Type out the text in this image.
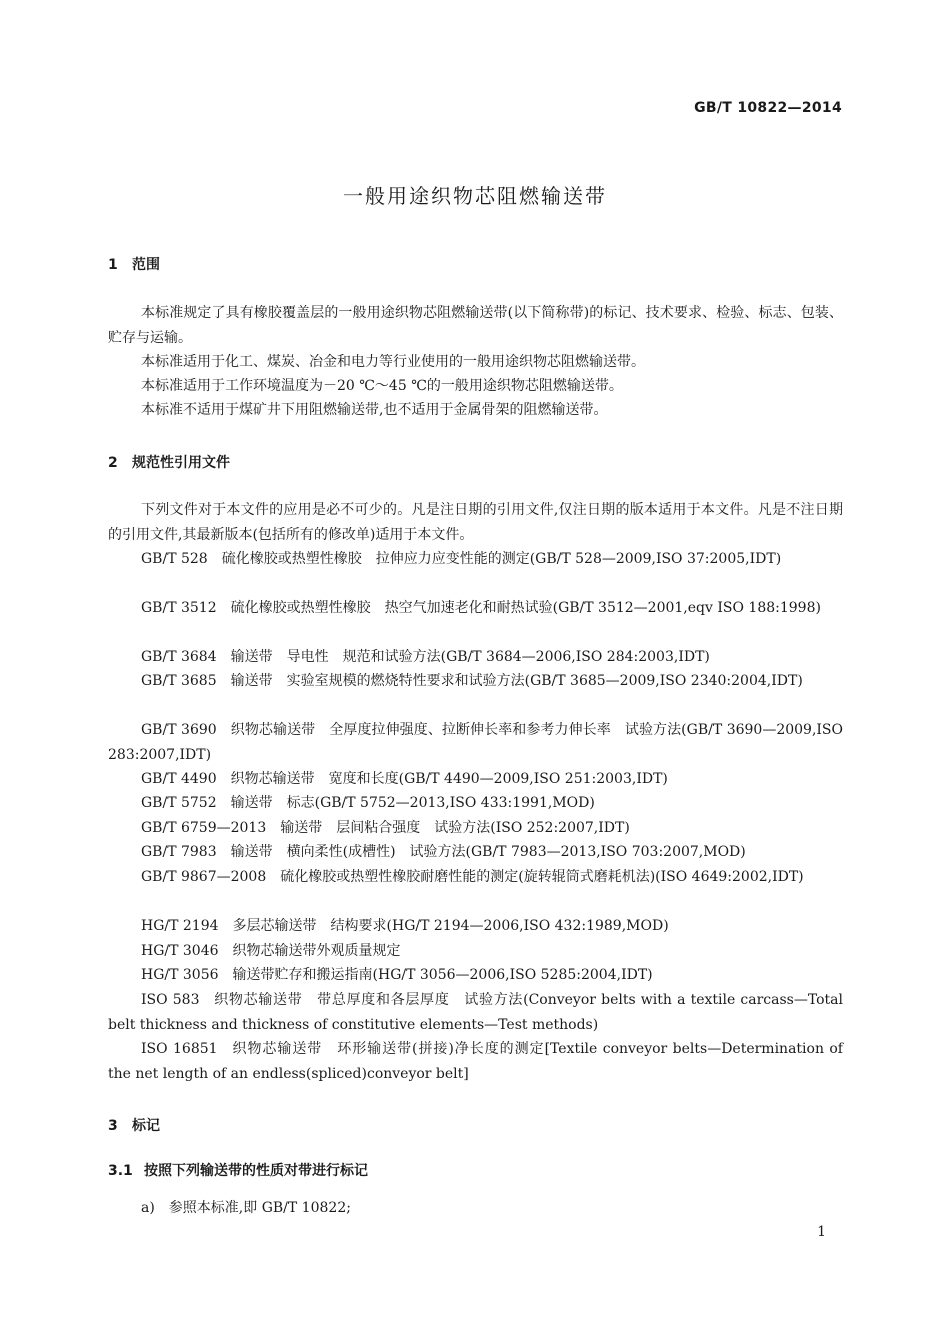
GB/T 10822—2014
一般用途织物芯阻燃输送带
1 范围
本标准规定了具有橡胶覆盖层的一般用途织物芯阻燃输送带(以下简称带)的标记、技术要求、检验、标志、包装、贮存与运输。
本标准适用于化工、煤炭、冶金和电力等行业使用的一般用途织物芯阻燃输送带。
本标准适用于工作环境温度为－20 ℃～45 ℃的一般用途织物芯阻燃输送带。
本标准不适用于煤矿井下用阻燃输送带,也不适用于金属骨架的阻燃输送带。
2 规范性引用文件
下列文件对于本文件的应用是必不可少的。凡是注日期的引用文件,仅注日期的版本适用于本文件。凡是不注日期的引用文件,其最新版本(包括所有的修改单)适用于本文件。
GB/T 528 硫化橡胶或热塑性橡胶　拉伸应力应变性能的测定(GB/T 528—2009,ISO 37:2005,IDT)
GB/T 3512 硫化橡胶或热塑性橡胶　热空气加速老化和耐热试验(GB/T 3512—2001,eqv ISO 188:1998)
GB/T 3684 输送带　导电性　规范和试验方法(GB/T 3684—2006,ISO 284:2003,IDT)
GB/T 3685 输送带　实验室规模的燃烧特性要求和试验方法(GB/T 3685—2009,ISO 2340:2004,IDT)
GB/T 3690 织物芯输送带　全厚度拉伸强度、拉断伸长率和参考力伸长率　试验方法(GB/T 3690—2009,ISO 283:2007,IDT)
GB/T 4490 织物芯输送带　宽度和长度(GB/T 4490—2009,ISO 251:2003,IDT)
GB/T 5752 输送带　标志(GB/T 5752—2013,ISO 433:1991,MOD)
GB/T 6759—2013 输送带　层间粘合强度　试验方法(ISO 252:2007,IDT)
GB/T 7983 输送带　横向柔性(成槽性)　试验方法(GB/T 7983—2013,ISO 703:2007,MOD)
GB/T 9867—2008 硫化橡胶或热塑性橡胶耐磨性能的测定(旋转辊筒式磨耗机法)(ISO 4649:2002,IDT)
HG/T 2194 多层芯输送带　结构要求(HG/T 2194—2006,ISO 432:1989,MOD)
HG/T 3046 织物芯输送带外观质量规定
HG/T 3056 输送带贮存和搬运指南(HG/T 3056—2006,ISO 5285:2004,IDT)
ISO 583 织物芯输送带　带总厚度和各层厚度　试验方法(Conveyor belts with a textile carcass—Total belt thickness and thickness of constitutive elements—Test methods)
ISO 16851 织物芯输送带　环形输送带(拼接)净长度的测定[Textile conveyor belts—Determination of the net length of an endless(spliced)conveyor belt]
3 标记
3.1 按照下列输送带的性质对带进行标记
a)　参照本标准,即 GB/T 10822;
1
